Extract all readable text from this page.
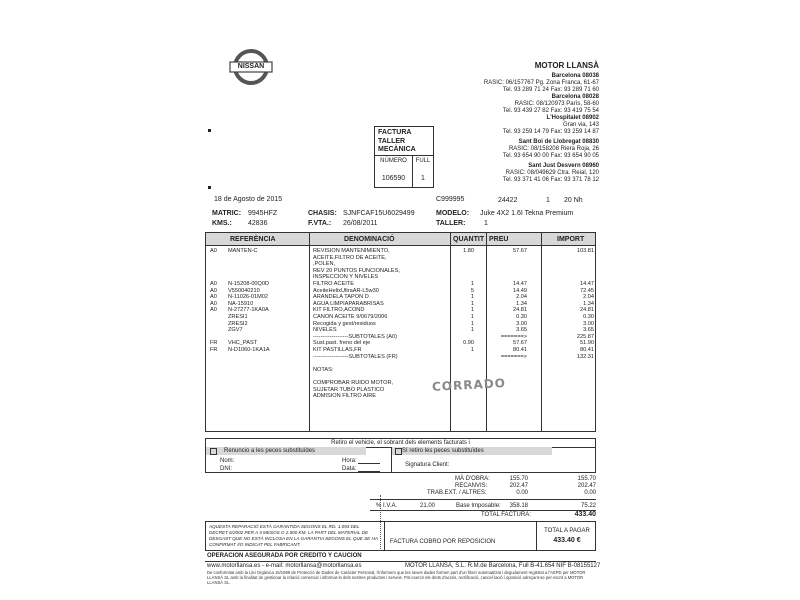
NISSAN	MOTOR LLANSÀ
Barcelona 08038
RASIC: 06/157767 Pg. Zona Franca, 61-67
Tel. 93 289 71 24 Fax: 93 289 71 60
Barcelona 08028
RASIC: 08/120973 París, 58-60
Tel. 93 439 27 82 Fax: 93 419 75 54
L'Hospitalet 08902
Gran via, 143
Tel. 93 259 14 79 Fax: 93 259 14 87
Sant Boi de Llobregat 08830
RASIC: 08/158208 Riera Roja, 26
Tel. 93 654 90 00 Fax: 93 654 90 05
Sant Just Desvern 08960
RASIC: 08/049629 Ctra. Reial, 120
Tel. 93 371 41 06 Fax: 93 371 78 12
FACTURA
TALLER MECÀNICA
NÚMERO	FULL
106590	1
18 de Agosto de 2015	C999995	24422	1 20 Nh
MATRIC: 9945HFZ	CHASIS: SJNFCAF15U6029499	MODELO: Juke 4X2 1.6I Tekna Premium
KMS.: 42836	F.VTA.: 26/08/2011	TALLER:	1
REFERÈNCIA	DENOMINACIÓ	QUANTIT PREU	IMPORT
A0	MANTEN-C	REVISION MANTENIMIENTO,	1.80	57.67	103.81
ACEITE,FILTRO DE ACEITE,
,POLEN,
REV 20 PUNTOS FUNCIONALES,
INSPECCION Y NIVELES
A0	N-15208-00Q0D	FILTRO ACEITE	1	14.47	14.47
A0	V550040210	AceiteHelixUltraAR-L5w30	5	14.49	72.45
A0	N-11026-01M02	ARANDELA TAPON D	1	2.04	2.04
A0	NA-15910	AGUA LIMPIAPARABRISAS	1	1.34	1.34
A0	N-27277-1KA0A	KIT FILTRO,ACOND	1	24.81	24.81
ZRESI1	CANON ACEITE 9/0679/2006	1	0.30	0.30
ZRESI2	Recogida y gest/residuos	1	3.00	3.00
ZGV7	NIVELES	1	3.65	3.65
-------------------SUBTOTALES (A0)	=======>	225.87
FR	VHC_PAST	Sust.past. freno del eje	0.90	57.67	51.90
FR	N-D1060-1KA1A	KIT PASTILLAS,FR	1	80.41	80.41
-------------------SUBTOTALES (FR)	=======>	132.31
NOTAS:
COMPROBAR RUIDO MOTOR,
SUJETAR TUBO PLASTICO
ADMISION FILTRO AIRE
CORRADO
Retiro el vehicle, el sobrant dels elements facturats i
Renuncio a les peces substituïdes	Sí retiro les peces substituïdes
Nom:
DNI:
Hora:
Data:
Signatura Client:
MÀ D'OBRA:	155.70	155.70
RECANVIS:	202.47	202.47
TRAB.EXT. / ALTRES:	0.00	0.00
% I.V.A.	21.00	Base Imposable:	358.18	75.22
TOTAL FACTURA:	433.40
AQUESTA REPARACIÓ ESTÀ GARANTIDA SEGONS EL RD. 1.093 DEL DECRET 6/2002 PER A 3 MESOS O 2.000 KM. LA PART DEL MATERIAL DE DESGAST QUE NO ESTÀ INCLOSA EN LA GARANTIA SEGONS EL QUE SE HA CONFIRMAT I/O INDICAT PEL FABRICANT.	FACTURA COBRO POR REPOSICION
TOTAL A PAGAR
433.40 €
OPERACION ASEGURADA POR CREDITO Y CAUCION
www.motorllansa.es - e-mail: motorllansa@motorllansa.es	MOTOR LLANSÀ, S.L. R.M.de Barcelona, Full B-41.654 NIF B-08155127
De conformitat amb la Llei Orgànica 15/1999 de Protecció de Dades de Caràcter Personal, l'informem que les seves dades formen part d'un fitxer automatitzat i degudament registrat a l'AEPD per MOTOR LLANSÀ SL amb la finalitat de gestionar la relació comercial i informar-lo dels nostres productes i serveis. Pot exercir els drets d'accés, rectificació, cancel·lació i oposició adreçant-se per escrit a MOTOR LLANSÀ SL.
